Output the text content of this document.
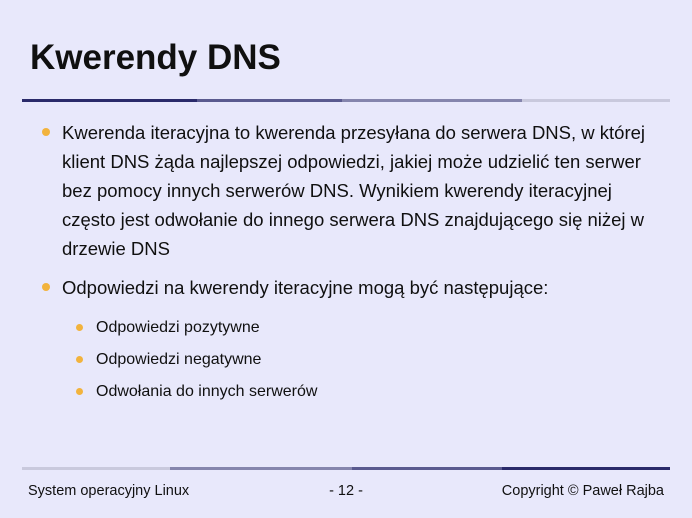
Kwerendy DNS
Kwerenda iteracyjna to kwerenda przesyłana do serwera DNS, w której klient DNS żąda najlepszej odpowiedzi, jakiej może udzielić ten serwer bez pomocy innych serwerów DNS. Wynikiem kwerendy iteracyjnej często jest odwołanie do innego serwera DNS znajdującego się niżej w drzewie DNS
Odpowiedzi na kwerendy iteracyjne mogą być następujące:
Odpowiedzi pozytywne
Odpowiedzi negatywne
Odwołania do innych serwerów
System operacyjny Linux	- 12 -	Copyright © Paweł Rajba
